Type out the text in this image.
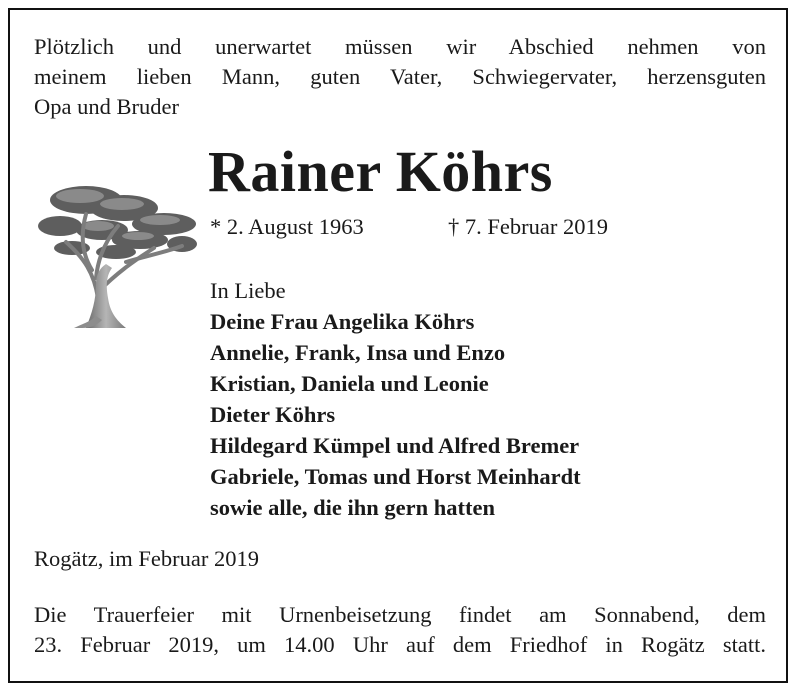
Plötzlich und unerwartet müssen wir Abschied nehmen von
meinem lieben Mann, guten Vater, Schwiegervater, herzensguten
Opa und Bruder
Rainer Köhrs
* 2. August 1963	† 7. Februar 2019
In Liebe
Deine Frau Angelika Köhrs
Annelie, Frank, Insa und Enzo
Kristian, Daniela und Leonie
Dieter Köhrs
Hildegard Kümpel und Alfred Bremer
Gabriele, Tomas und Horst Meinhardt
sowie alle, die ihn gern hatten
Rogätz, im Februar 2019
Die Trauerfeier mit Urnenbeisetzung findet am Sonnabend, dem
23. Februar 2019, um 14.00 Uhr auf dem Friedhof in Rogätz statt.
